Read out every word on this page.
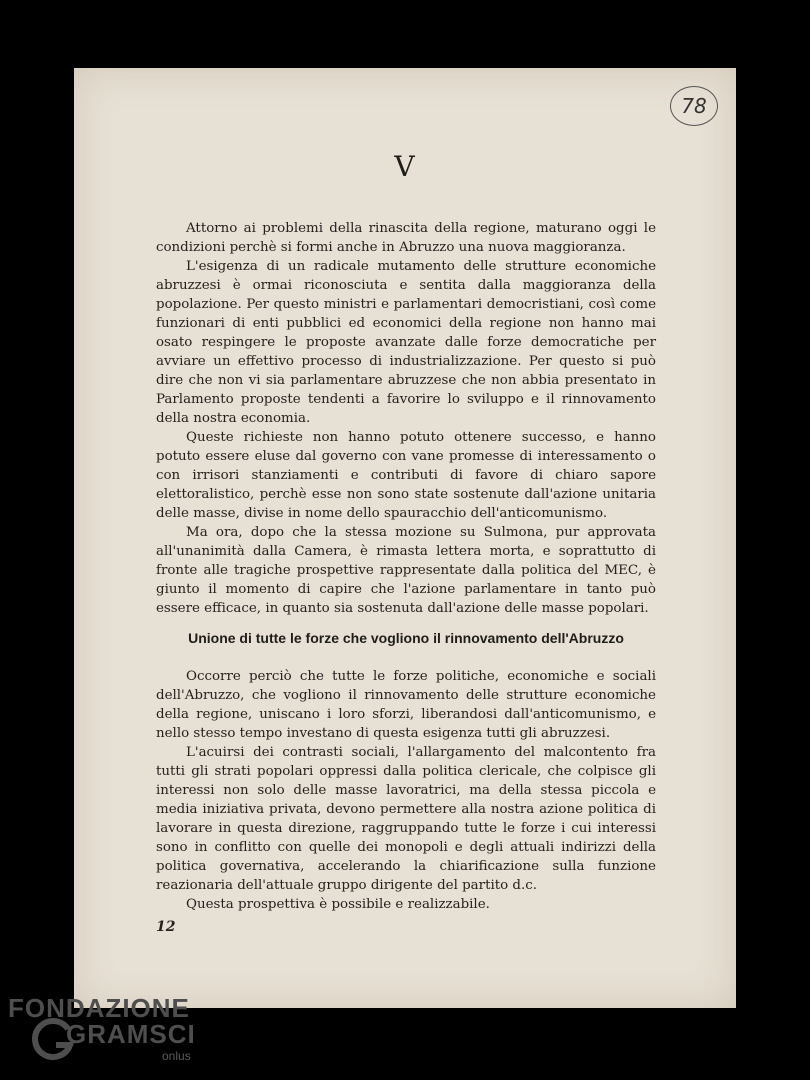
78
V

Attorno ai problemi della rinascita della regione, maturano oggi le condizioni perchè si formi anche in Abruzzo una nuova maggioranza.

L'esigenza di un radicale mutamento delle strutture economiche abruzzesi è ormai riconosciuta e sentita dalla maggioranza della popolazione. Per questo ministri e parlamentari democristiani, così come funzionari di enti pubblici ed economici della regione non hanno mai osato respingere le proposte avanzate dalle forze democratiche per avviare un effettivo processo di industrializzazione. Per questo si può dire che non vi sia parlamentare abruzzese che non abbia presentato in Parlamento proposte tendenti a favorire lo sviluppo e il rinnovamento della nostra economia.

Queste richieste non hanno potuto ottenere successo, e hanno potuto essere eluse dal governo con vane promesse di interessamento o con irrisori stanziamenti e contributi di favore di chiaro sapore elettoralistico, perchè esse non sono state sostenute dall'azione unitaria delle masse, divise in nome dello spauracchio dell'anticomunismo.

Ma ora, dopo che la stessa mozione su Sulmona, pur approvata all'unanimità dalla Camera, è rimasta lettera morta, e soprattutto di fronte alle tragiche prospettive rappresentate dalla politica del MEC, è giunto il momento di capire che l'azione parlamentare in tanto può essere efficace, in quanto sia sostenuta dall'azione delle masse popolari.

Unione di tutte le forze che vogliono il rinnovamento dell'Abruzzo

Occorre perciò che tutte le forze politiche, economiche e sociali dell'Abruzzo, che vogliono il rinnovamento delle strutture economiche della regione, uniscano i loro sforzi, liberandosi dall'anticomunismo, e nello stesso tempo investano di questa esigenza tutti gli abruzzesi.

L'acuirsi dei contrasti sociali, l'allargamento del malcontento fra tutti gli strati popolari oppressi dalla politica clericale, che colpisce gli interessi non solo delle masse lavoratrici, ma della stessa piccola e media iniziativa privata, devono permettere alla nostra azione politica di lavorare in questa direzione, raggruppando tutte le forze i cui interessi sono in conflitto con quelle dei monopoli e degli attuali indirizzi della politica governativa, accelerando la chiarificazione sulla funzione reazionaria dell'attuale gruppo dirigente del partito d.c.

Questa prospettiva è possibile e realizzabile.

12
FONDAZIONE
GRAMSCI
onlus
